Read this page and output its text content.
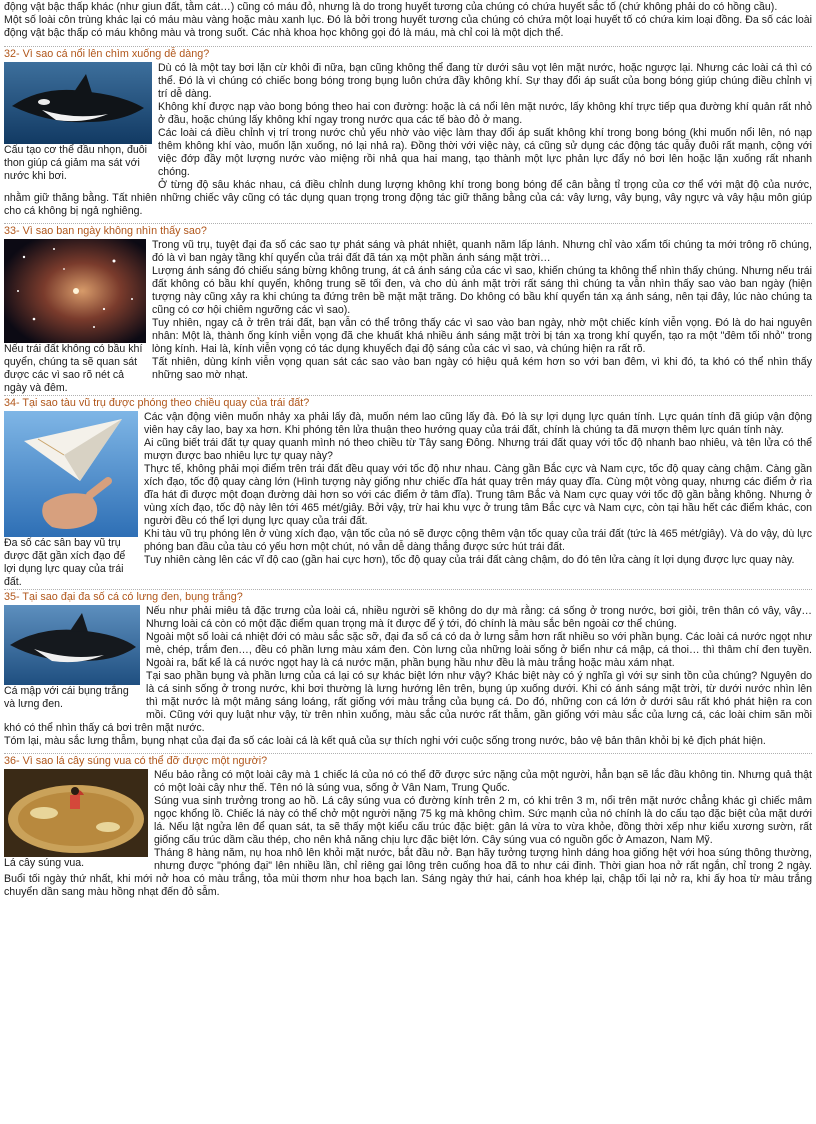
động vật bậc thấp khác (như giun đất, tằm cát…) cũng có máu đỏ, nhưng là do trong huyết tương của chúng có chứa huyết sắc tố (chứ không phải do có hồng cầu).

Một số loài côn trùng khác lại có máu màu vàng hoặc màu xanh lục. Đó là bởi trong huyết tương của chúng có chứa một loại huyết tố có chứa kim loại đồng. Đa số các loài động vật bậc thấp có máu không màu và trong suốt. Các nhà khoa học không gọi đó là máu, mà chỉ coi là một dịch thể.

32- Vì sao cá nổi lên chìm xuống dễ dàng?
Cấu tạo cơ thể đầu nhọn, đuôi thon giúp cá giảm ma sát với nước khi bơi.

Dù có là một tay bơi lặn cừ khôi đi nữa, bạn cũng không thể đang từ dưới sâu vọt lên mặt nước, hoặc ngược lại. Nhưng các loài cá thì có thể. Đó là vì chúng có chiếc bong bóng trong bụng luôn chứa đầy không khí. Sự thay đổi áp suất của bong bóng giúp chúng điều chỉnh vị trí dễ dàng.

Không khí được nạp vào bong bóng theo hai con đường: hoặc là cá nổi lên mặt nước, lấy không khí trực tiếp qua đường khí quản rất nhỏ ở đầu, hoặc chúng lấy không khí ngay trong nước qua các tế bào đỏ ở mang.

Các loài cá điều chỉnh vị trí trong nước chủ yếu nhờ vào việc làm thay đổi áp suất không khí trong bong bóng (khi muốn nổi lên, nó nạp thêm không khí vào, muốn lặn xuống, nó lại nhả ra). Đồng thời với việc này, cá cũng sử dụng các động tác quẫy đuôi rất mạnh, cộng với việc đớp đầy một lượng nước vào miệng rồi nhả qua hai mang, tạo thành một lực phản lực đẩy nó bơi lên hoặc lặn xuống rất nhanh chóng.

Ở từng độ sâu khác nhau, cá điều chỉnh dung lượng không khí trong bong bóng để cân bằng tỉ trọng của cơ thể với mật độ của nước, nhằm giữ thăng bằng. Tất nhiên những chiếc vây cũng có tác dụng quan trọng trong động tác giữ thăng bằng của cá: vây lưng, vây bụng, vây ngực và vây hậu môn giúp cho cá không bị ngả nghiêng.

33- Vì sao ban ngày không nhìn thấy sao?
Nếu trái đất không có bầu khí quyển, chúng ta sẽ quan sát được các vì sao rõ nét cả ngày và đêm.

Trong vũ trụ, tuyệt đại đa số các sao tự phát sáng và phát nhiệt, quanh năm lấp lánh. Nhưng chỉ vào xẩm tối chúng ta mới trông rõ chúng, đó là vì ban ngày tầng khí quyển của trái đất đã tán xạ một phần ánh sáng mặt trời…

Lượng ánh sáng đó chiếu sáng bừng không trung, át cả ánh sáng của các vì sao, khiến chúng ta không thể nhìn thấy chúng. Nhưng nếu trái đất không có bầu khí quyển, không trung sẽ tối đen, và cho dù ánh mặt trời rất sáng thì chúng ta vẫn nhìn thấy sao vào ban ngày (hiện tượng này cũng xảy ra khi chúng ta đứng trên bề mặt mặt trăng. Do không có bầu khí quyển tán xạ ánh sáng, nên tại đây, lúc nào chúng ta cũng có cơ hội chiêm ngưỡng các vì sao).

Tuy nhiên, ngay cả ở trên trái đất, bạn vẫn có thể trông thấy các vì sao vào ban ngày, nhờ một chiếc kính viễn vọng. Đó là do hai nguyên nhân: Một là, thành ống kính viễn vọng đã che khuất khá nhiều ánh sáng mặt trời bị tán xạ trong khí quyển, tạo ra một "đêm tối nhỏ" trong lòng kính. Hai là, kính viễn vọng có tác dụng khuyếch đại độ sáng của các vì sao, và chúng hiện ra rất rõ.

Tất nhiên, dùng kính viễn vọng quan sát các sao vào ban ngày có hiệu quả kém hơn so với ban đêm, vì khi đó, ta khó có thể nhìn thấy những sao mờ nhạt.

34- Tại sao tàu vũ trụ được phóng theo chiều quay của trái đất?
Đa số các sân bay vũ trụ được đặt gần xích đạo để lợi dụng lực quay của trái đất.

Các vận động viên muốn nhảy xa phải lấy đà, muốn ném lao cũng lấy đà. Đó là sự lợi dụng lực quán tính. Lực quán tính đã giúp vận động viên hay cây lao, bay xa hơn. Khi phóng tên lửa thuận theo hướng quay của trái đất, chính là chúng ta đã mượn thêm lực quán tính này.

Ai cũng biết trái đất tự quay quanh mình nó theo chiều từ Tây sang Đông. Nhưng trái đất quay với tốc độ nhanh bao nhiêu, và tên lửa có thể mượn được bao nhiêu lực tự quay này?

Thực tế, không phải mọi điểm trên trái đất đều quay với tốc độ như nhau. Càng gần Bắc cực và Nam cực, tốc độ quay càng chậm. Càng gần xích đạo, tốc độ quay càng lớn (Hình tượng này giống như chiếc đĩa hát quay trên máy quay đĩa. Cùng một vòng quay, nhưng các điểm ở rìa đĩa hát đi được một đoạn đường dài hơn so với các điểm ở tâm đĩa). Trung tâm Bắc và Nam cực quay với tốc độ gần bằng không. Nhưng ở vùng xích đạo, tốc độ này lên tới 465 mét/giây. Bởi vậy, trừ hai khu vực ở trung tâm Bắc cực và Nam cực, còn tại hầu hết các điểm khác, con người đều có thể lợi dụng lực quay của trái đất.

Khi tàu vũ trụ phóng lên ở vùng xích đạo, vận tốc của nó sẽ được cộng thêm vận tốc quay của trái đất (tức là 465 mét/giây). Và do vậy, dù lực phóng ban đầu của tàu có yếu hơn một chút, nó vẫn dễ dàng thắng được sức hút trái đất.

Tuy nhiên càng lên các vĩ độ cao (gần hai cực hơn), tốc độ quay của trái đất càng chậm, do đó tên lửa càng ít lợi dụng được lực quay này.

35- Tại sao đại đa số cá có lưng đen, bụng trắng?
Cá mập với cái bụng trắng và lưng đen.

Nếu như phải miêu tả đặc trưng của loài cá, nhiều người sẽ không do dự mà rằng: cá sống ở trong nước, bơi giỏi, trên thân có vây, vây… Nhưng loài cá còn có một đặc điểm quan trọng mà ít được để ý tới, đó chính là màu sắc bên ngoài cơ thể chúng.

Ngoài một số loài cá nhiệt đới có màu sắc sặc sỡ, đại đa số cá có da ở lưng sẫm hơn rất nhiều so với phần bụng. Các loài cá nước ngọt như mè, chép, trắm đen…, đều có phần lưng màu xám đen. Còn lưng của những loài sống ở biển như cá mập, cá thoi… thì thâm chí đen tuyền. Ngoài ra, bất kể là cá nước ngọt hay là cá nước mặn, phần bụng hầu như đều là màu trắng hoặc màu xám nhạt.

Tại sao phần bụng và phần lưng của cá lại có sự khác biệt lớn như vậy? Khác biệt này có ý nghĩa gì với sự sinh tồn của chúng? Nguyên do là cá sinh sống ở trong nước, khi bơi thường là lưng hướng lên trên, bụng úp xuống dưới. Khi có ánh sáng mặt trời, từ dưới nước nhìn lên thì mặt nước là một mảng sáng loáng, rất giống với màu trắng của bụng cá. Do đó, những con cá lớn ở dưới sâu rất khó phát hiện ra con mồi. Cũng với quy luật như vậy, từ trên nhìn xuống, màu sắc của nước rất thẫm, gần giống với màu sắc của lưng cá, các loài chim săn mồi khó có thể nhìn thấy cá bơi trên mặt nước.

Tóm lại, màu sắc lưng thẫm, bụng nhạt của đại đa số các loài cá là kết quả của sự thích nghi với cuộc sống trong nước, bảo vệ bản thân khỏi bị kẻ địch phát hiện.

36- Vì sao lá cây súng vua có thể đỡ được một người?
Lá cây súng vua.

Nếu bảo rằng có một loài cây mà 1 chiếc lá của nó có thể đỡ được sức nặng của một người, hẳn bạn sẽ lắc đầu không tin. Nhưng quả thật có một loài cây như thế. Tên nó là súng vua, sống ở Vân Nam, Trung Quốc.

Súng vua sinh trưởng trong ao hồ. Lá cây súng vua có đường kính trên 2 m, có khi trên 3 m, nổi trên mặt nước chẳng khác gì chiếc mâm ngọc khổng lồ. Chiếc lá này có thể chở một người nặng 75 kg mà không chìm. Sức mạnh của nó chính là do cấu tạo đặc biệt của mặt dưới lá. Nếu lật ngửa lên để quan sát, ta sẽ thấy một kiểu cấu trúc đặc biệt: gân lá vừa to vừa khỏe, đồng thời xếp như kiểu xương sườn, rất giống cấu trúc dầm cầu thép, cho nên khả năng chịu lực đặc biệt lớn. Cây súng vua có nguồn gốc ở Amazon, Nam Mỹ.

Tháng 8 hàng năm, nụ hoa nhô lên khỏi mặt nước, bắt đầu nở. Bạn hãy tưởng tượng hình dáng hoa giống hệt với hoa súng thông thường, nhưng được "phóng đại" lên nhiều lần, chỉ riêng gai lông trên cuống hoa đã to như cái đinh. Thời gian hoa nở rất ngắn, chỉ trong 2 ngày. Buổi tối ngày thứ nhất, khi mới nở hoa có màu trắng, tỏa mùi thơm như hoa bạch lan. Sáng ngày thứ hai, cánh hoa khép lại, chập tối lại nở ra, khi ấy hoa từ màu trắng chuyển dần sang màu hồng nhạt đến đỏ sẫm.
